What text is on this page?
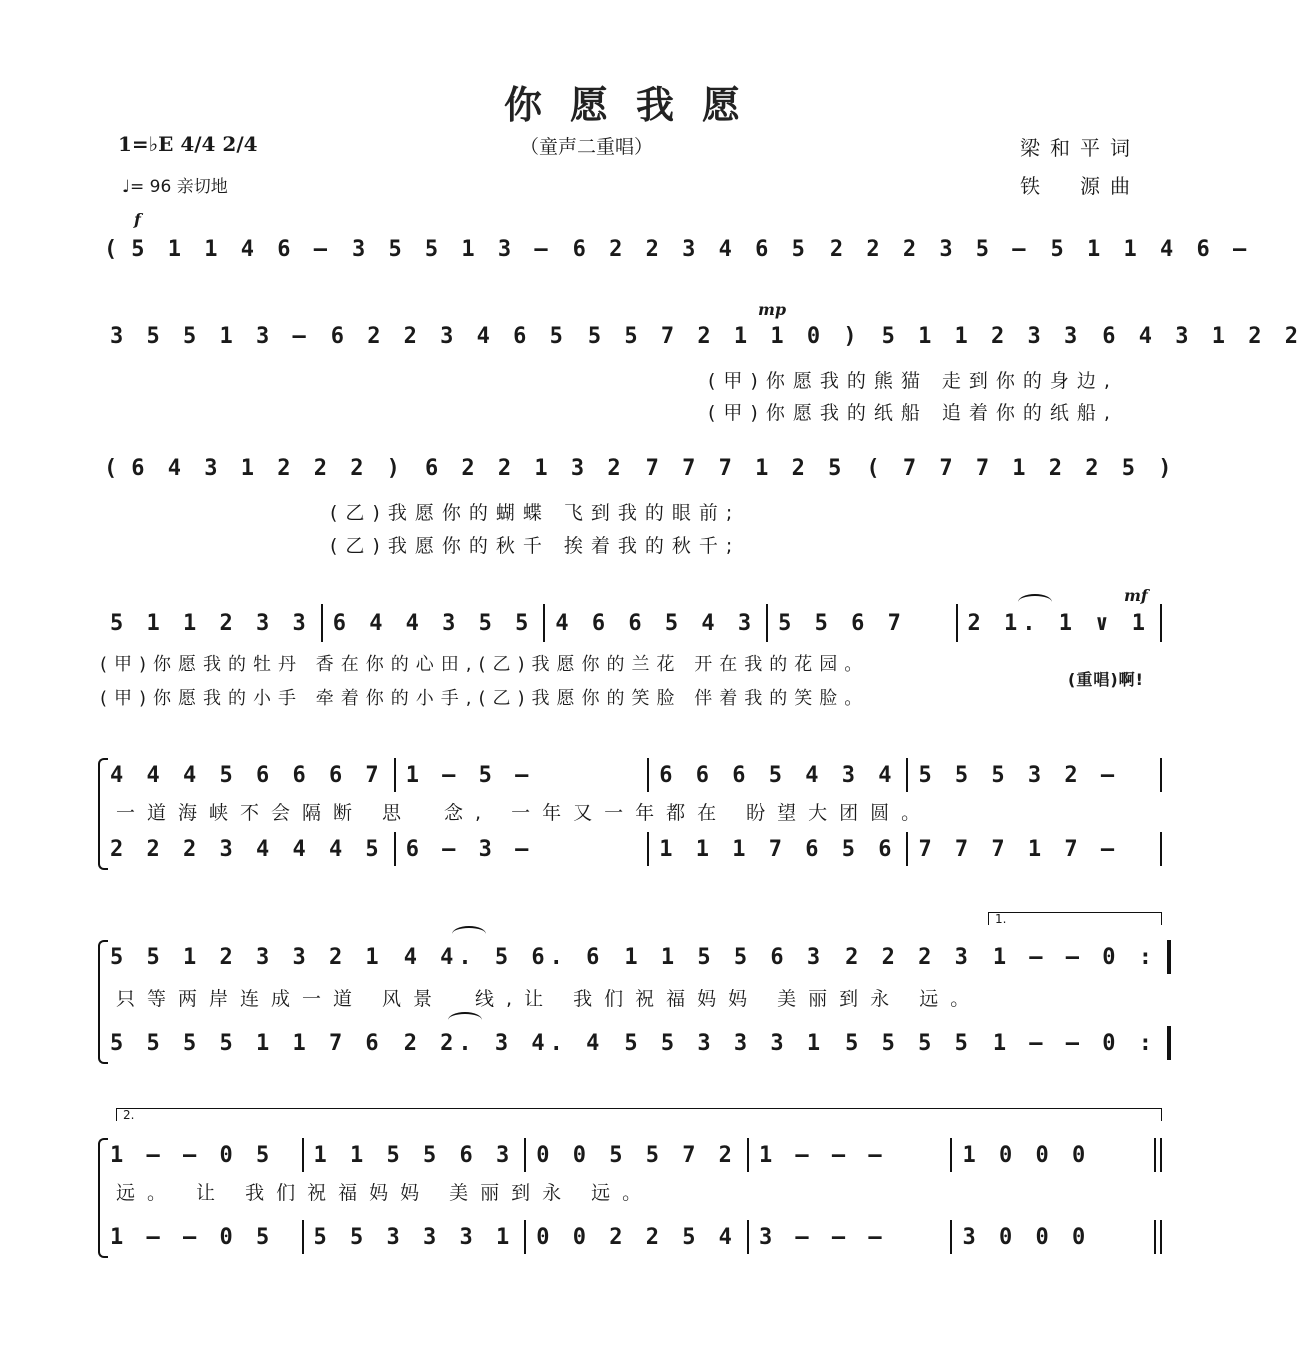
你愿我愿
（童声二重唱）	梁和平词
铁　源曲
1=♭E 4/4 2/4
♩= 96 亲切地
f
mp
mf
( 5 1 1 4 6 – 3 5 5 1 3 – 6 2 2 3 4 6 5 2 2 2 3 5 – 5 1 1 4 6 –
3 5 5 1 3 – 6 2 2 3 4 6 5 5 5 7 2 1 1 0 ) 5 1 1 2 3 3 6 4 3 1 2 2
(甲)你愿我的熊猫 走到你的身边,
(甲)你愿我的纸船 追着你的纸船,
( 6 4 3 1 2 2 2 ) 6 2 2 1 3 2 7 7 7 1 2 5 ( 7 7 7 1 2 2 5 )
(乙)我愿你的蝴蝶 飞到我的眼前;
(乙)我愿你的秋千 挨着我的秋千;
5 1 1 2 3 3	6 4 4 3 5 5	4 6 6 5 4 3	5 5 6 7	2 1. 1 ∨ 1
(甲)你愿我的牡丹 香在你的心田,(乙)我愿你的兰花 开在我的花园。
(甲)你愿我的小手 牵着你的小手,(乙)我愿你的笑脸 伴着我的笑脸。
(重唱)啊!
4 4 4 5 6 6 6 7	1 – 5 –	6 6 6 5 4 3 4	5 5 5 3 2 –
一道海峡不会隔断 思　念, 一年又一年都在 盼望大团圆。
2 2 2 3 4 4 4 5	6 – 3 –	1 1 1 7 6 5 6	7 7 7 1 7 –
1.
5 5 1 2 3 3 2 1 4 4. 5 6. 6 1 1 5 5 6 3 2 2 2 3 1 – – 0 :
只等两岸连成一道 风景　线,让 我们祝福妈妈 美丽到永 远。
5 5 5 5 1 1 7 6 2 2. 3 4. 4 5 5 3 3 3 1 5 5 5 5 1 – – 0 :
2.
1 – – 0 5	1 1 5 5 6 3	0 0 5 5 7 2	1 – – –	1 0 0 0
远。 让 我们祝福妈妈 美丽到永 远。
1 – – 0 5	5 5 3 3 3 1	0 0 2 2 5 4	3 – – –	3 0 0 0
